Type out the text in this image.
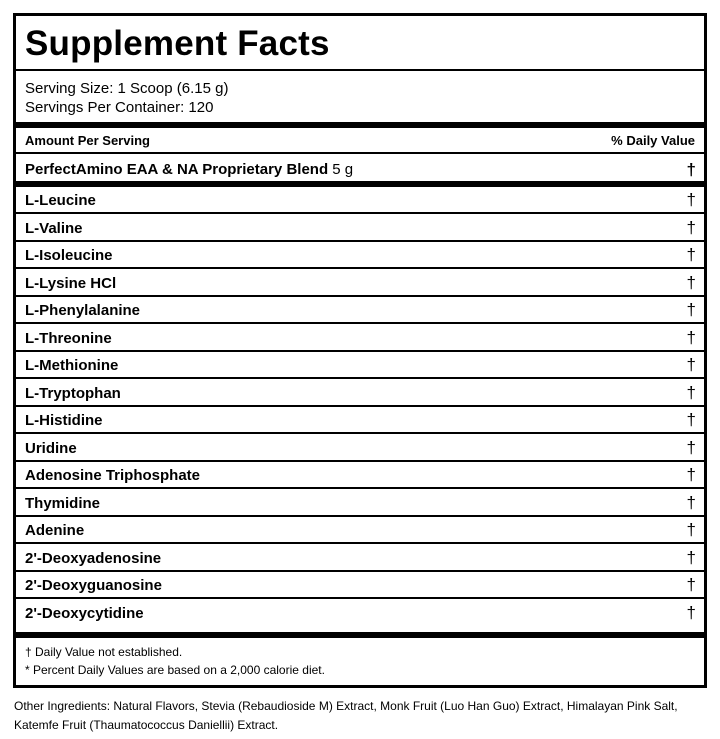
Supplement Facts
Serving Size: 1 Scoop (6.15 g)
Servings Per Container: 120
Amount Per Serving	% Daily Value
PerfectAmino EAA & NA Proprietary Blend 5 g	†
L-Leucine	†
L-Valine	†
L-Isoleucine	†
L-Lysine HCl	†
L-Phenylalanine	†
L-Threonine	†
L-Methionine	†
L-Tryptophan	†
L-Histidine	†
Uridine	†
Adenosine Triphosphate	†
Thymidine	†
Adenine	†
2'-Deoxyadenosine	†
2'-Deoxyguanosine	†
2'-Deoxycytidine	†
† Daily Value not established.
* Percent Daily Values are based on a 2,000 calorie diet.
Other Ingredients: Natural Flavors, Stevia (Rebaudioside M) Extract, Monk Fruit (Luo Han Guo) Extract, Himalayan Pink Salt, Katemfe Fruit (Thaumatococcus Daniellii) Extract.
